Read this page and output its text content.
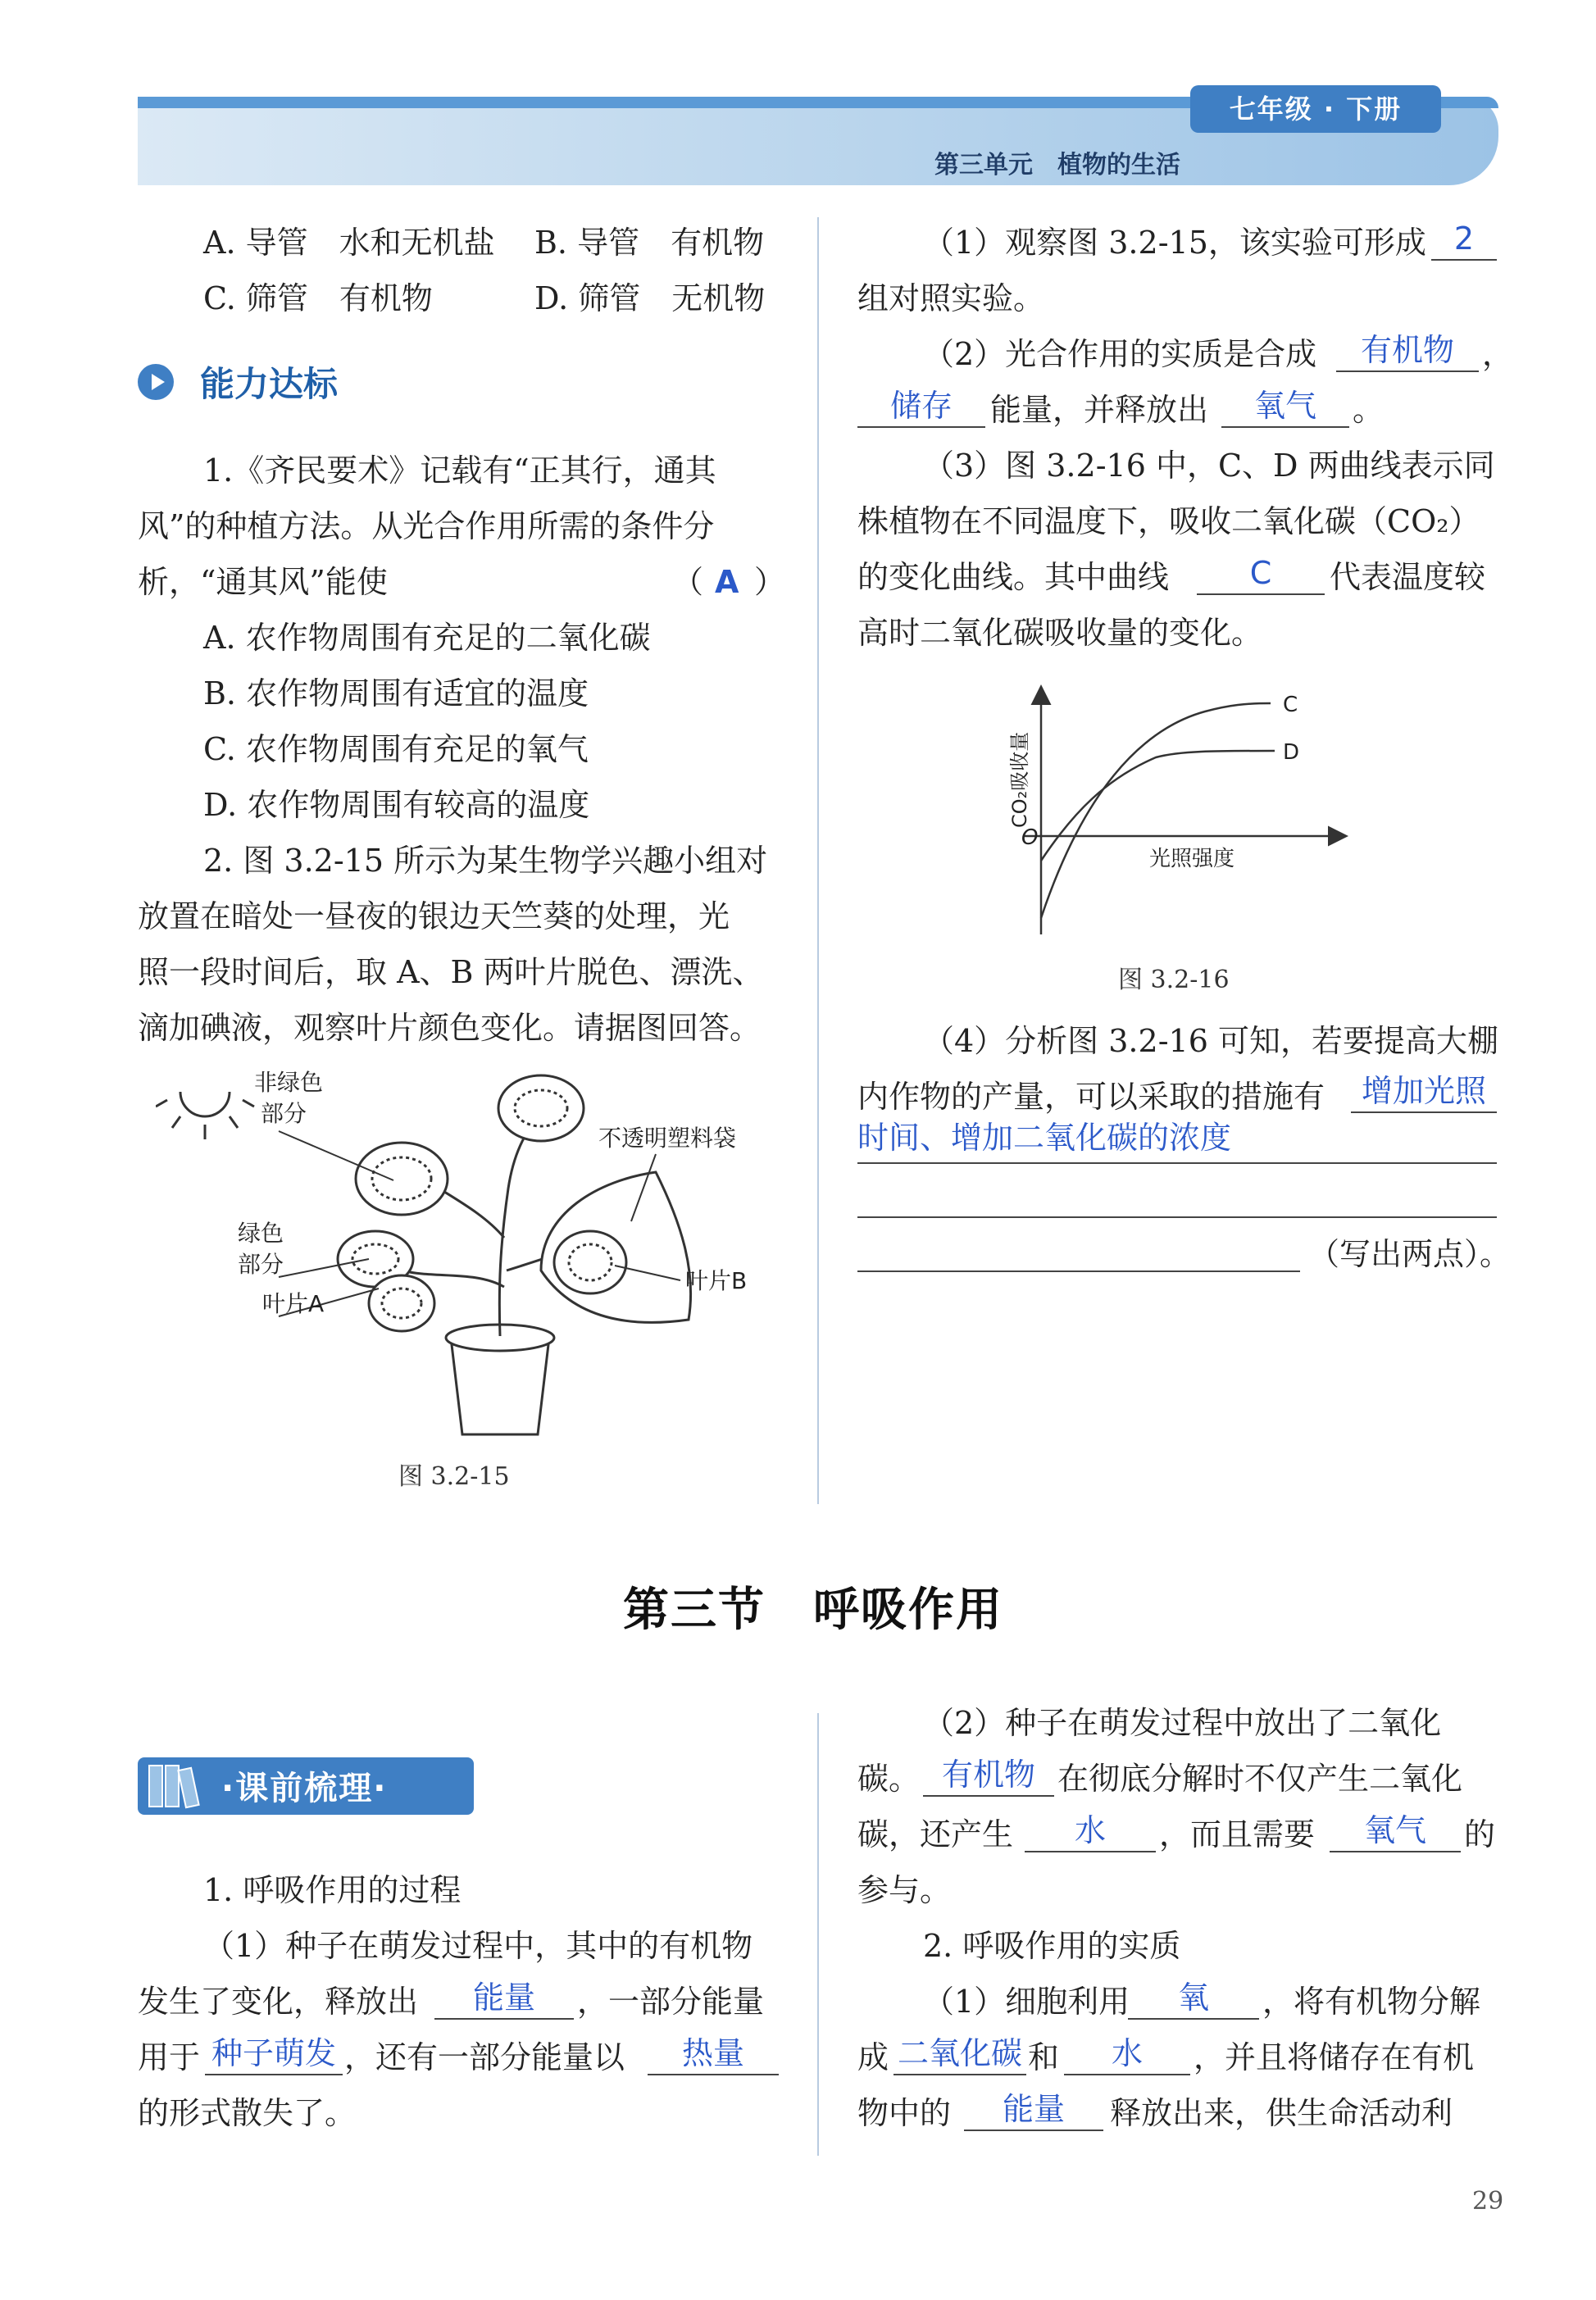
七年级 · 下册
第三单元　植物的生活
A. 导管　水和无机盐 B. 导管　有机物
C. 筛管　有机物	D. 筛管　无机物
能力达标
1.《齐民要术》记载有“正其行，通其
风”的种植方法。从光合作用所需的条件分
析，“通其风”能使	（ A ）
A. 农作物周围有充足的二氧化碳
B. 农作物周围有适宜的温度
C. 农作物周围有充足的氧气
D. 农作物周围有较高的温度
2. 图 3.2-15 所示为某生物学兴趣小组对
放置在暗处一昼夜的银边天竺葵的处理，光
照一段时间后，取 A、B 两叶片脱色、漂洗、
滴加碘液，观察叶片颜色变化。请据图回答。
非绿色
部分
绿色
部分
叶片A
叶片B
不透明塑料袋
图 3.2-15
（1）观察图 3.2-15，该实验可形成 2
组对照实验。
（2）光合作用的实质是合成	有机物 ，
储存	能量，并释放出	氧气	。
（3）图 3.2-16 中，C、D 两曲线表示同
株植物在不同温度下，吸收二氧化碳（CO₂）
的变化曲线。其中曲线	C	代表温度较
高时二氧化碳吸收量的变化。
C
D
O
光照强度
CO₂吸收量
图 3.2-16
（4）分析图 3.2-16 可知，若要提高大棚
内作物的产量，可以采取的措施有	增加光照
时间、增加二氧化碳的浓度
（写出两点）。
第三节　呼吸作用
·课前梳理·
1. 呼吸作用的过程
（1）种子在萌发过程中，其中的有机物
发生了变化，释放出	能量	，一部分能量
用于 种子萌发 ，还有一部分能量以	热量
的形式散失了。
（2）种子在萌发过程中放出了二氧化
碳。 有机物 在彻底分解时不仅产生二氧化
碳，还产生	水	，而且需要	氧气	的
参与。
2. 呼吸作用的实质
（1）细胞利用	氧	，将有机物分解
成 二氧化碳 和	水	，并且将储存在有机
物中的	能量	释放出来，供生命活动利
29
